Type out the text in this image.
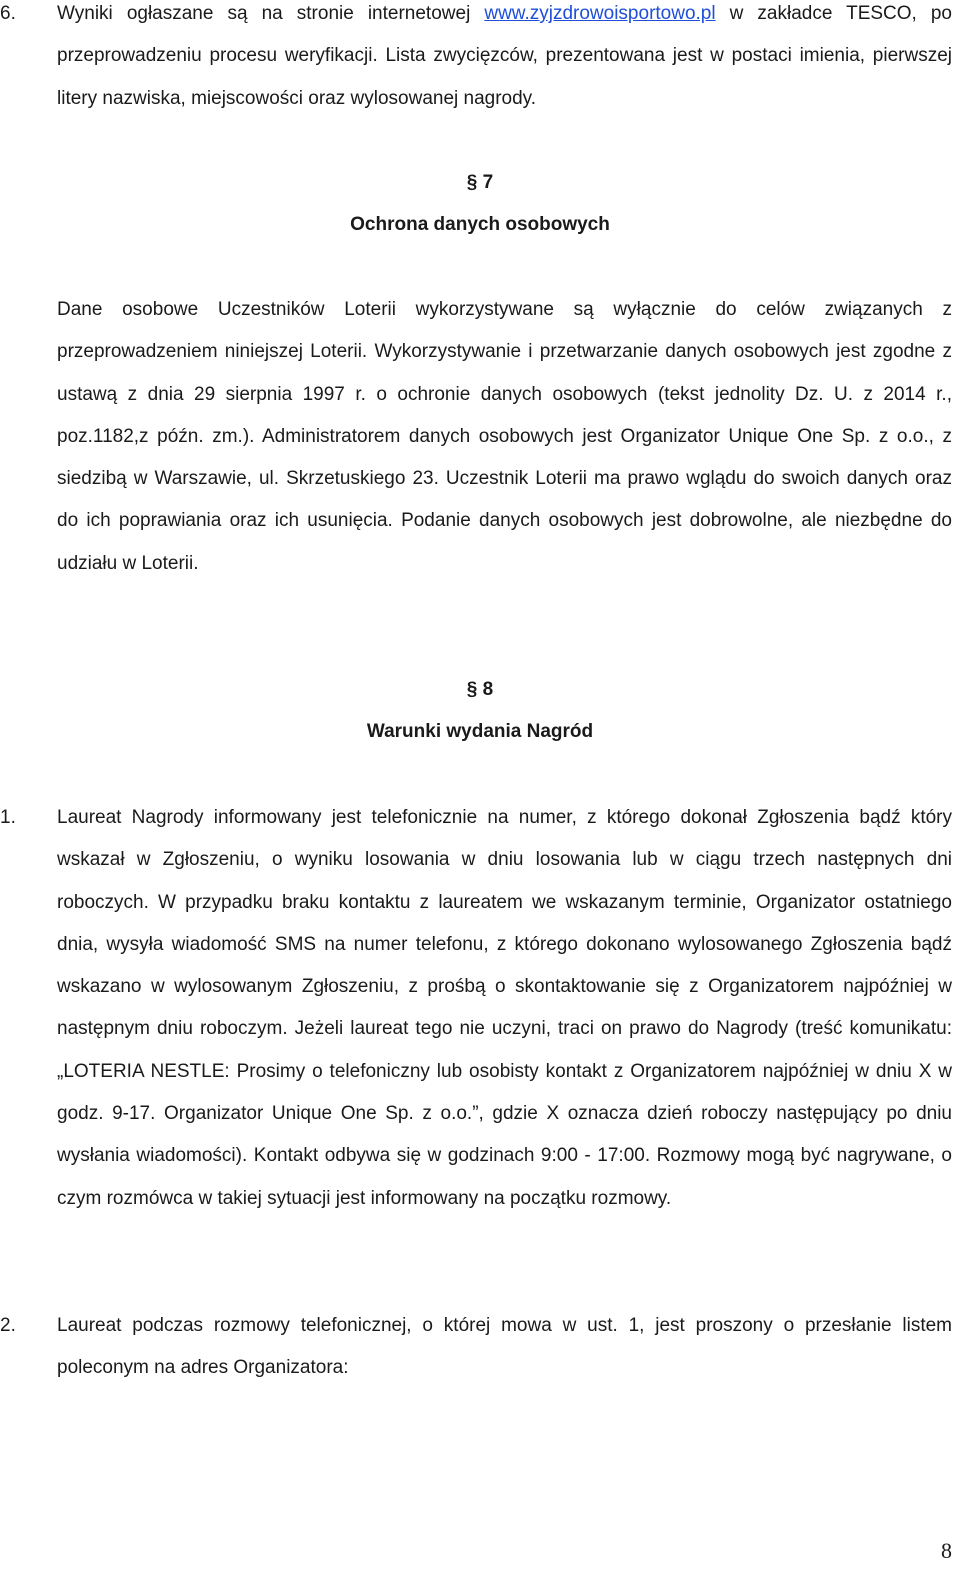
6.	Wyniki ogłaszane są na stronie internetowej www.zyjzdrowoisportowo.pl w zakładce TESCO, po przeprowadzeniu procesu weryfikacji. Lista zwycięzców, prezentowana jest w postaci imienia, pierwszej litery nazwiska, miejscowości oraz wylosowanej nagrody.
§ 7
Ochrona danych osobowych
Dane osobowe Uczestników Loterii wykorzystywane są wyłącznie do celów związanych z przeprowadzeniem niniejszej Loterii. Wykorzystywanie i przetwarzanie danych osobowych jest zgodne z ustawą z dnia 29 sierpnia 1997 r. o ochronie danych osobowych (tekst jednolity Dz. U. z 2014 r., poz.1182,z późn. zm.). Administratorem danych osobowych jest Organizator Unique One Sp. z o.o., z siedzibą w Warszawie, ul. Skrzetuskiego 23. Uczestnik Loterii ma prawo wglądu do swoich danych oraz do ich poprawiania oraz ich usunięcia. Podanie danych osobowych jest dobrowolne, ale niezbędne do udziału w Loterii.
§ 8
Warunki wydania Nagród
1.	Laureat Nagrody informowany jest telefonicznie na numer, z którego dokonał Zgłoszenia bądź który wskazał w Zgłoszeniu, o wyniku losowania w dniu losowania lub w ciągu trzech następnych dni roboczych. W przypadku braku kontaktu z laureatem we wskazanym terminie, Organizator ostatniego dnia, wysyła wiadomość SMS na numer telefonu, z którego dokonano wylosowanego Zgłoszenia bądź wskazano w wylosowanym Zgłoszeniu, z prośbą o skontaktowanie się z Organizatorem najpóźniej w następnym dniu roboczym. Jeżeli laureat tego nie uczyni, traci on prawo do Nagrody (treść komunikatu: „LOTERIA NESTLE: Prosimy o telefoniczny lub osobisty kontakt z Organizatorem najpóźniej w dniu X w godz. 9-17. Organizator Unique One Sp. z o.o.”, gdzie X oznacza dzień roboczy następujący po dniu wysłania wiadomości). Kontakt odbywa się w godzinach 9:00 - 17:00. Rozmowy mogą być nagrywane, o czym rozmówca w takiej sytuacji jest informowany na początku rozmowy.
2.	Laureat podczas rozmowy telefonicznej, o której mowa w ust. 1, jest proszony o przesłanie listem poleconym na adres Organizatora:
8
